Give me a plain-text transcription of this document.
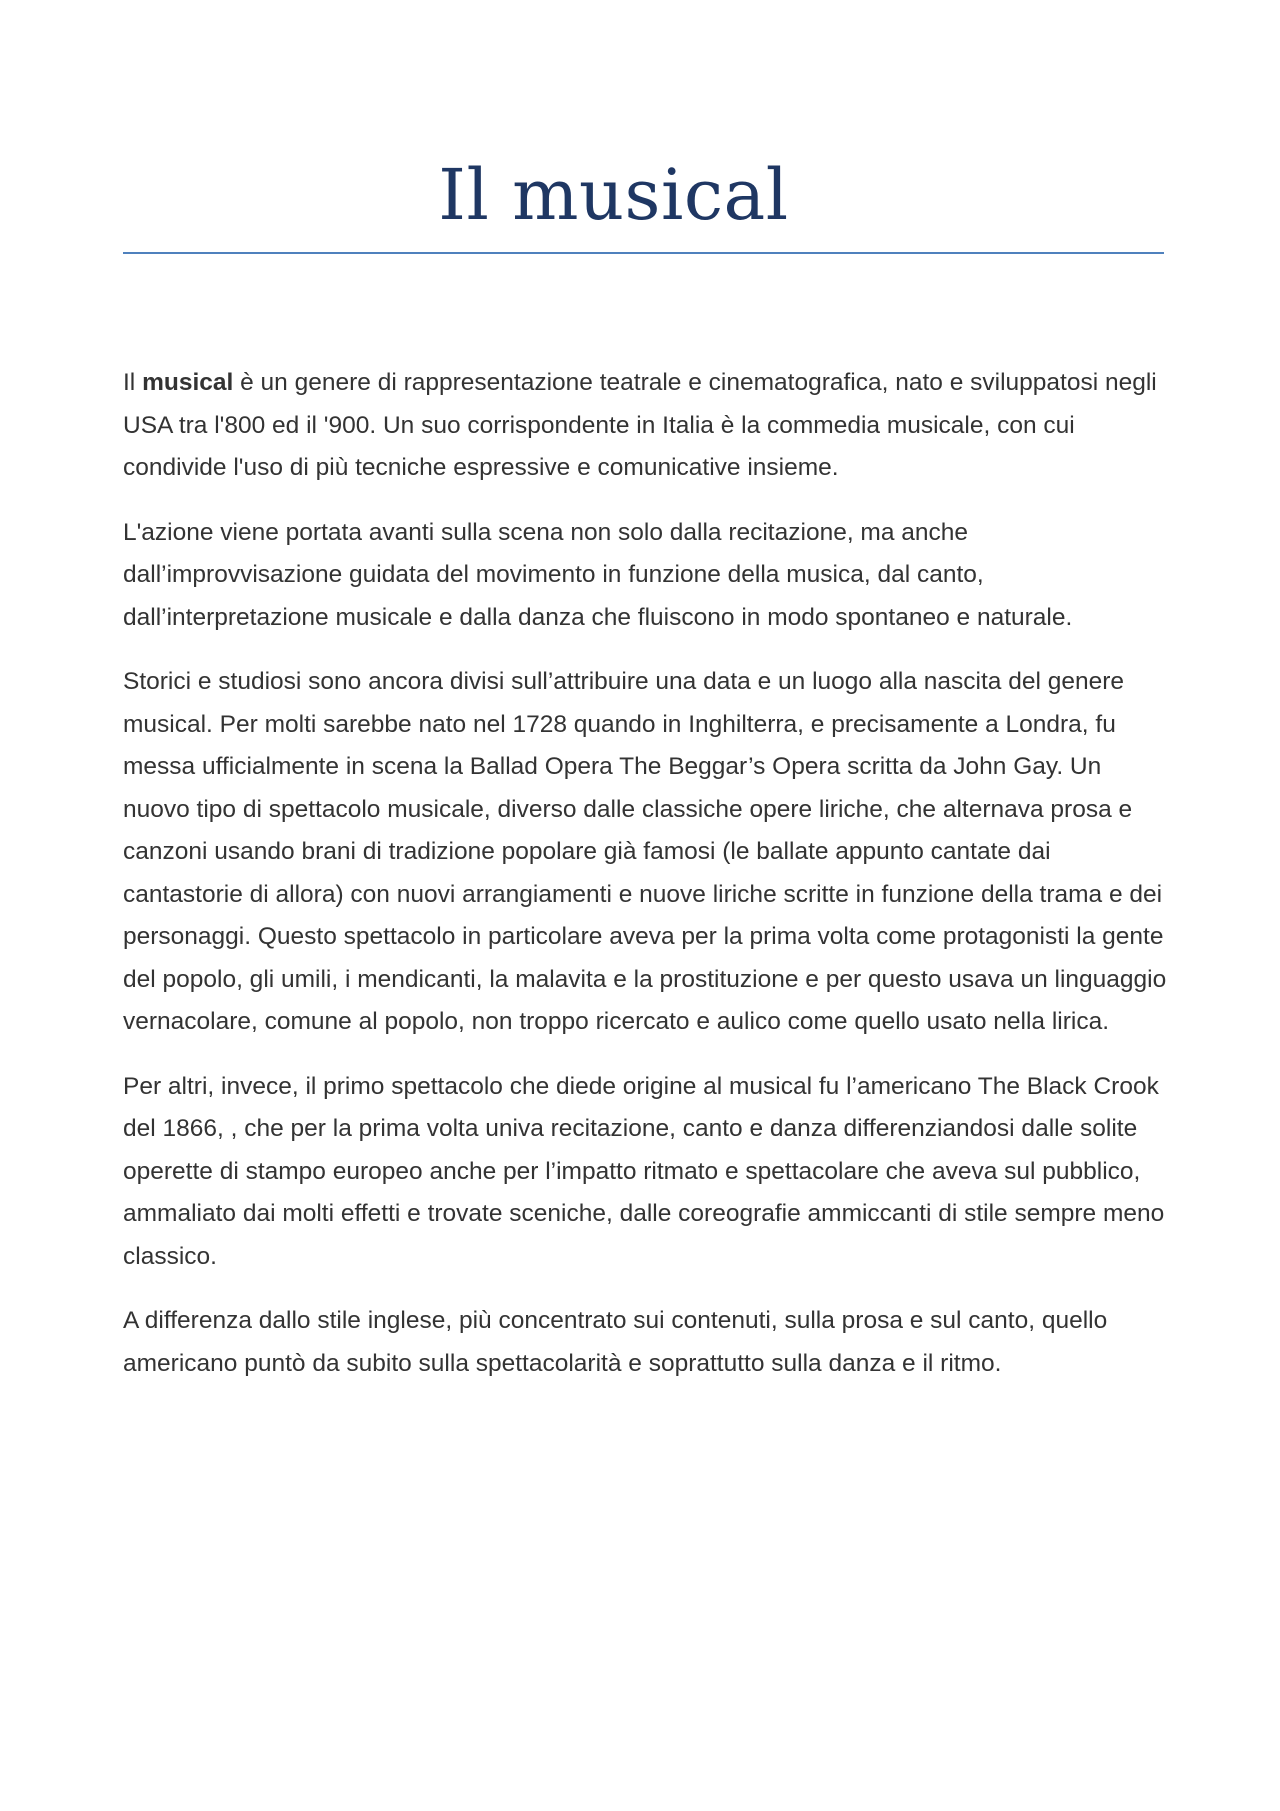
Il musical

Il musical è un genere di rappresentazione teatrale e cinematografica, nato e sviluppatosi negli USA tra l'800 ed il '900. Un suo corrispondente in Italia è la commedia musicale, con cui condivide l'uso di più tecniche espressive e comunicative insieme.

L'azione viene portata avanti sulla scena non solo dalla recitazione, ma anche dall’improvvisazione guidata del movimento in funzione della musica, dal canto, dall’interpretazione musicale e dalla danza che fluiscono in modo spontaneo e naturale.

Storici e studiosi sono ancora divisi sull’attribuire una data e un luogo alla nascita del genere musical. Per molti sarebbe nato nel 1728 quando in Inghilterra, e precisamente a Londra, fu messa ufficialmente in scena la Ballad Opera The Beggar’s Opera scritta da John Gay. Un nuovo tipo di spettacolo musicale, diverso dalle classiche opere liriche, che alternava prosa e canzoni usando brani di tradizione popolare già famosi (le ballate appunto cantate dai cantastorie di allora) con nuovi arrangiamenti e nuove liriche scritte in funzione della trama e dei personaggi. Questo spettacolo in particolare aveva per la prima volta come protagonisti la gente del popolo, gli umili, i mendicanti, la malavita e la prostituzione e per questo usava un linguaggio vernacolare, comune al popolo, non troppo ricercato e aulico come quello usato nella lirica.

Per altri, invece, il primo spettacolo che diede origine al musical fu l’americano The Black Crook del 1866, , che per la prima volta univa recitazione, canto e danza differenziandosi dalle solite operette di stampo europeo anche per l’impatto ritmato e spettacolare che aveva sul pubblico, ammaliato dai molti effetti e trovate sceniche, dalle coreografie ammiccanti di stile sempre meno classico.

A differenza dallo stile inglese, più concentrato sui contenuti, sulla prosa e sul canto, quello americano puntò da subito sulla spettacolarità e soprattutto sulla danza e il ritmo.
